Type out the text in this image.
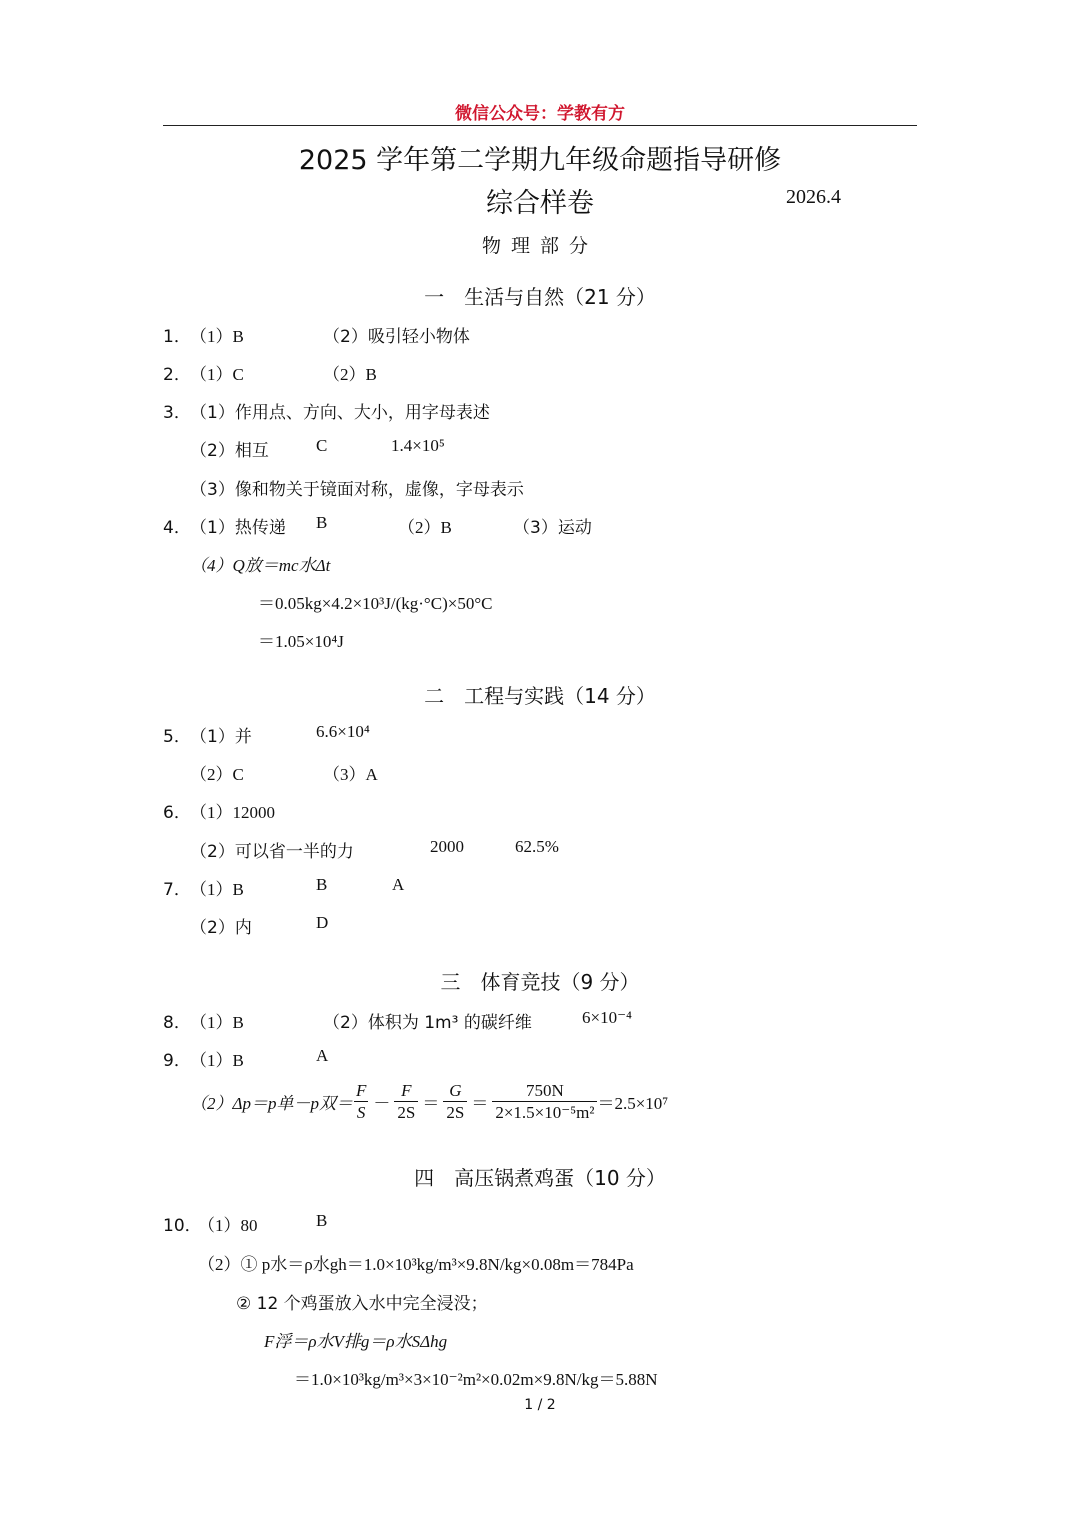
微信公众号：学教有方
2025 学年第二学期九年级命题指导研修
综合样卷	2026.4
物理部分
一　生活与自然（21 分）
1． （1）B	（2）吸引轻小物体
2． （1）C	（2）B
3． （1）作用点、方向、大小，用字母表述
（2）相互	C	1.4×10⁵
（3）像和物关于镜面对称，虚像，字母表示
4． （1）热传递 B	（2）B	（3）运动
（4）Q放＝mc水Δt
＝0.05kg×4.2×10³J/(kg·°C)×50°C
＝1.05×10⁴J
二　工程与实践（14 分）
5． （1）并	6.6×10⁴
（2）C	（3）A
6． （1）12000
（2）可以省一半的力	2000	62.5%
7． （1）B	B	A
（2）内	D
三　体育竞技（9 分）
8． （1）B	（2）体积为 1m³ 的碳纤维	6×10⁻⁴
9． （1）B	A
（2）Δp＝p单－p双＝ $\frac{F}{S} - \frac{F}{2S} = \frac{G}{2S} = \frac{750N}{\text{2×1.5×10⁻⁵m²}} =2.5\times 10^7$
四　高压锅煮鸡蛋（10 分）
10．
（1）80	B
（2）① p水＝ρ水gh＝1.0×10³kg/m³×9.8N/kg×0.08m＝784Pa
② 12 个鸡蛋放入水中完全浸没；
F浮＝ρ水V排g＝ρ水SΔhg
＝1.0×10³kg/m³×3×10⁻²m²×0.02m×9.8N/kg＝5.88N
1 / 2
